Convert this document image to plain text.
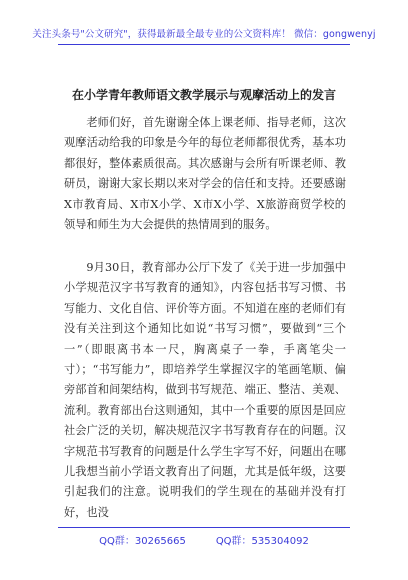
关注头条号"公文研究"，获得最新最全最专业的公文资料库！ 微信：gongwenyj
在小学青年教师语文教学展示与观摩活动上的发言

老师们好，首先谢谢全体上课老师、指导老师，这次观摩活动给我的印象是今年的每位老师都很优秀，基本功都很好，整体素质很高。其次感谢与会所有听课老师、教研员，谢谢大家长期以来对学会的信任和支持。还要感谢X市教育局、X市X小学、X市X小学、X旅游商贸学校的领导和师生为大会提供的热情周到的服务。

9月30日，教育部办公厅下发了《关于进一步加强中小学规范汉字书写教育的通知》，内容包括书写习惯、书写能力、文化自信、评价等方面。不知道在座的老师们有没有关注到这个通知比如说“书写习惯”，要做到“三个一”（即眼离书本一尺，胸离桌子一拳，手离笔尖一寸）；“书写能力”，即培养学生掌握汉字的笔画笔顺、偏旁部首和间架结构，做到书写规范、端正、整洁、美观、流利。教育部出台这则通知，其中一个重要的原因是回应社会广泛的关切，解决规范汉字书写教育存在的问题。汉字规范书写教育的问题是什么学生字写不好，问题出在哪儿我想当前小学语文教育出了问题，尤其是低年级，这要引起我们的注意。说明我们的学生现在的基础并没有打好，也没

QQ群：30265665	QQ群：535304092
